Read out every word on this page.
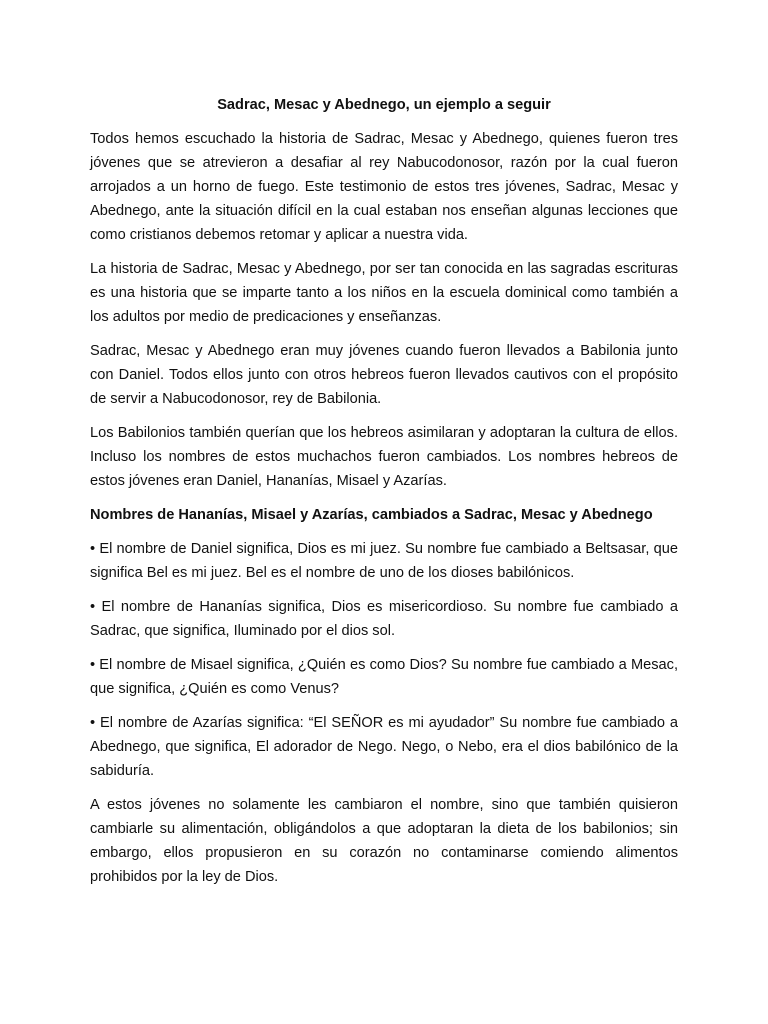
Sadrac, Mesac y Abednego, un ejemplo a seguir

Todos hemos escuchado la historia de Sadrac, Mesac y Abednego, quienes fueron tres jóvenes que se atrevieron a desafiar al rey Nabucodonosor, razón por la cual fueron arrojados a un horno de fuego. Este testimonio de estos tres jóvenes, Sadrac, Mesac y Abednego, ante la situación difícil en la cual estaban nos enseñan algunas lecciones que como cristianos debemos retomar y aplicar a nuestra vida.

La historia de Sadrac, Mesac y Abednego, por ser tan conocida en las sagradas escrituras es una historia que se imparte tanto a los niños en la escuela dominical como también a los adultos por medio de predicaciones y enseñanzas.

Sadrac, Mesac y Abednego eran muy jóvenes cuando fueron llevados a Babilonia junto con Daniel. Todos ellos junto con otros hebreos fueron llevados cautivos con el propósito de servir a Nabucodonosor, rey de Babilonia.

Los Babilonios también querían que los hebreos asimilaran y adoptaran la cultura de ellos. Incluso los nombres de estos muchachos fueron cambiados. Los nombres hebreos de estos jóvenes eran Daniel, Hananías, Misael y Azarías.

Nombres de Hananías, Misael y Azarías, cambiados a Sadrac, Mesac y Abednego

• El nombre de Daniel significa, Dios es mi juez. Su nombre fue cambiado a Beltsasar, que significa Bel es mi juez. Bel es el nombre de uno de los dioses babilónicos.

• El nombre de Hananías significa, Dios es misericordioso. Su nombre fue cambiado a Sadrac, que significa, Iluminado por el dios sol.

• El nombre de Misael significa, ¿Quién es como Dios? Su nombre fue cambiado a Mesac, que significa, ¿Quién es como Venus?

• El nombre de Azarías significa: “El SEÑOR es mi ayudador” Su nombre fue cambiado a Abednego, que significa, El adorador de Nego. Nego, o Nebo, era el dios babilónico de la sabiduría.

A estos jóvenes no solamente les cambiaron el nombre, sino que también quisieron cambiarle su alimentación, obligándolos a que adoptaran la dieta de los babilonios; sin embargo, ellos propusieron en su corazón no contaminarse comiendo alimentos prohibidos por la ley de Dios.
